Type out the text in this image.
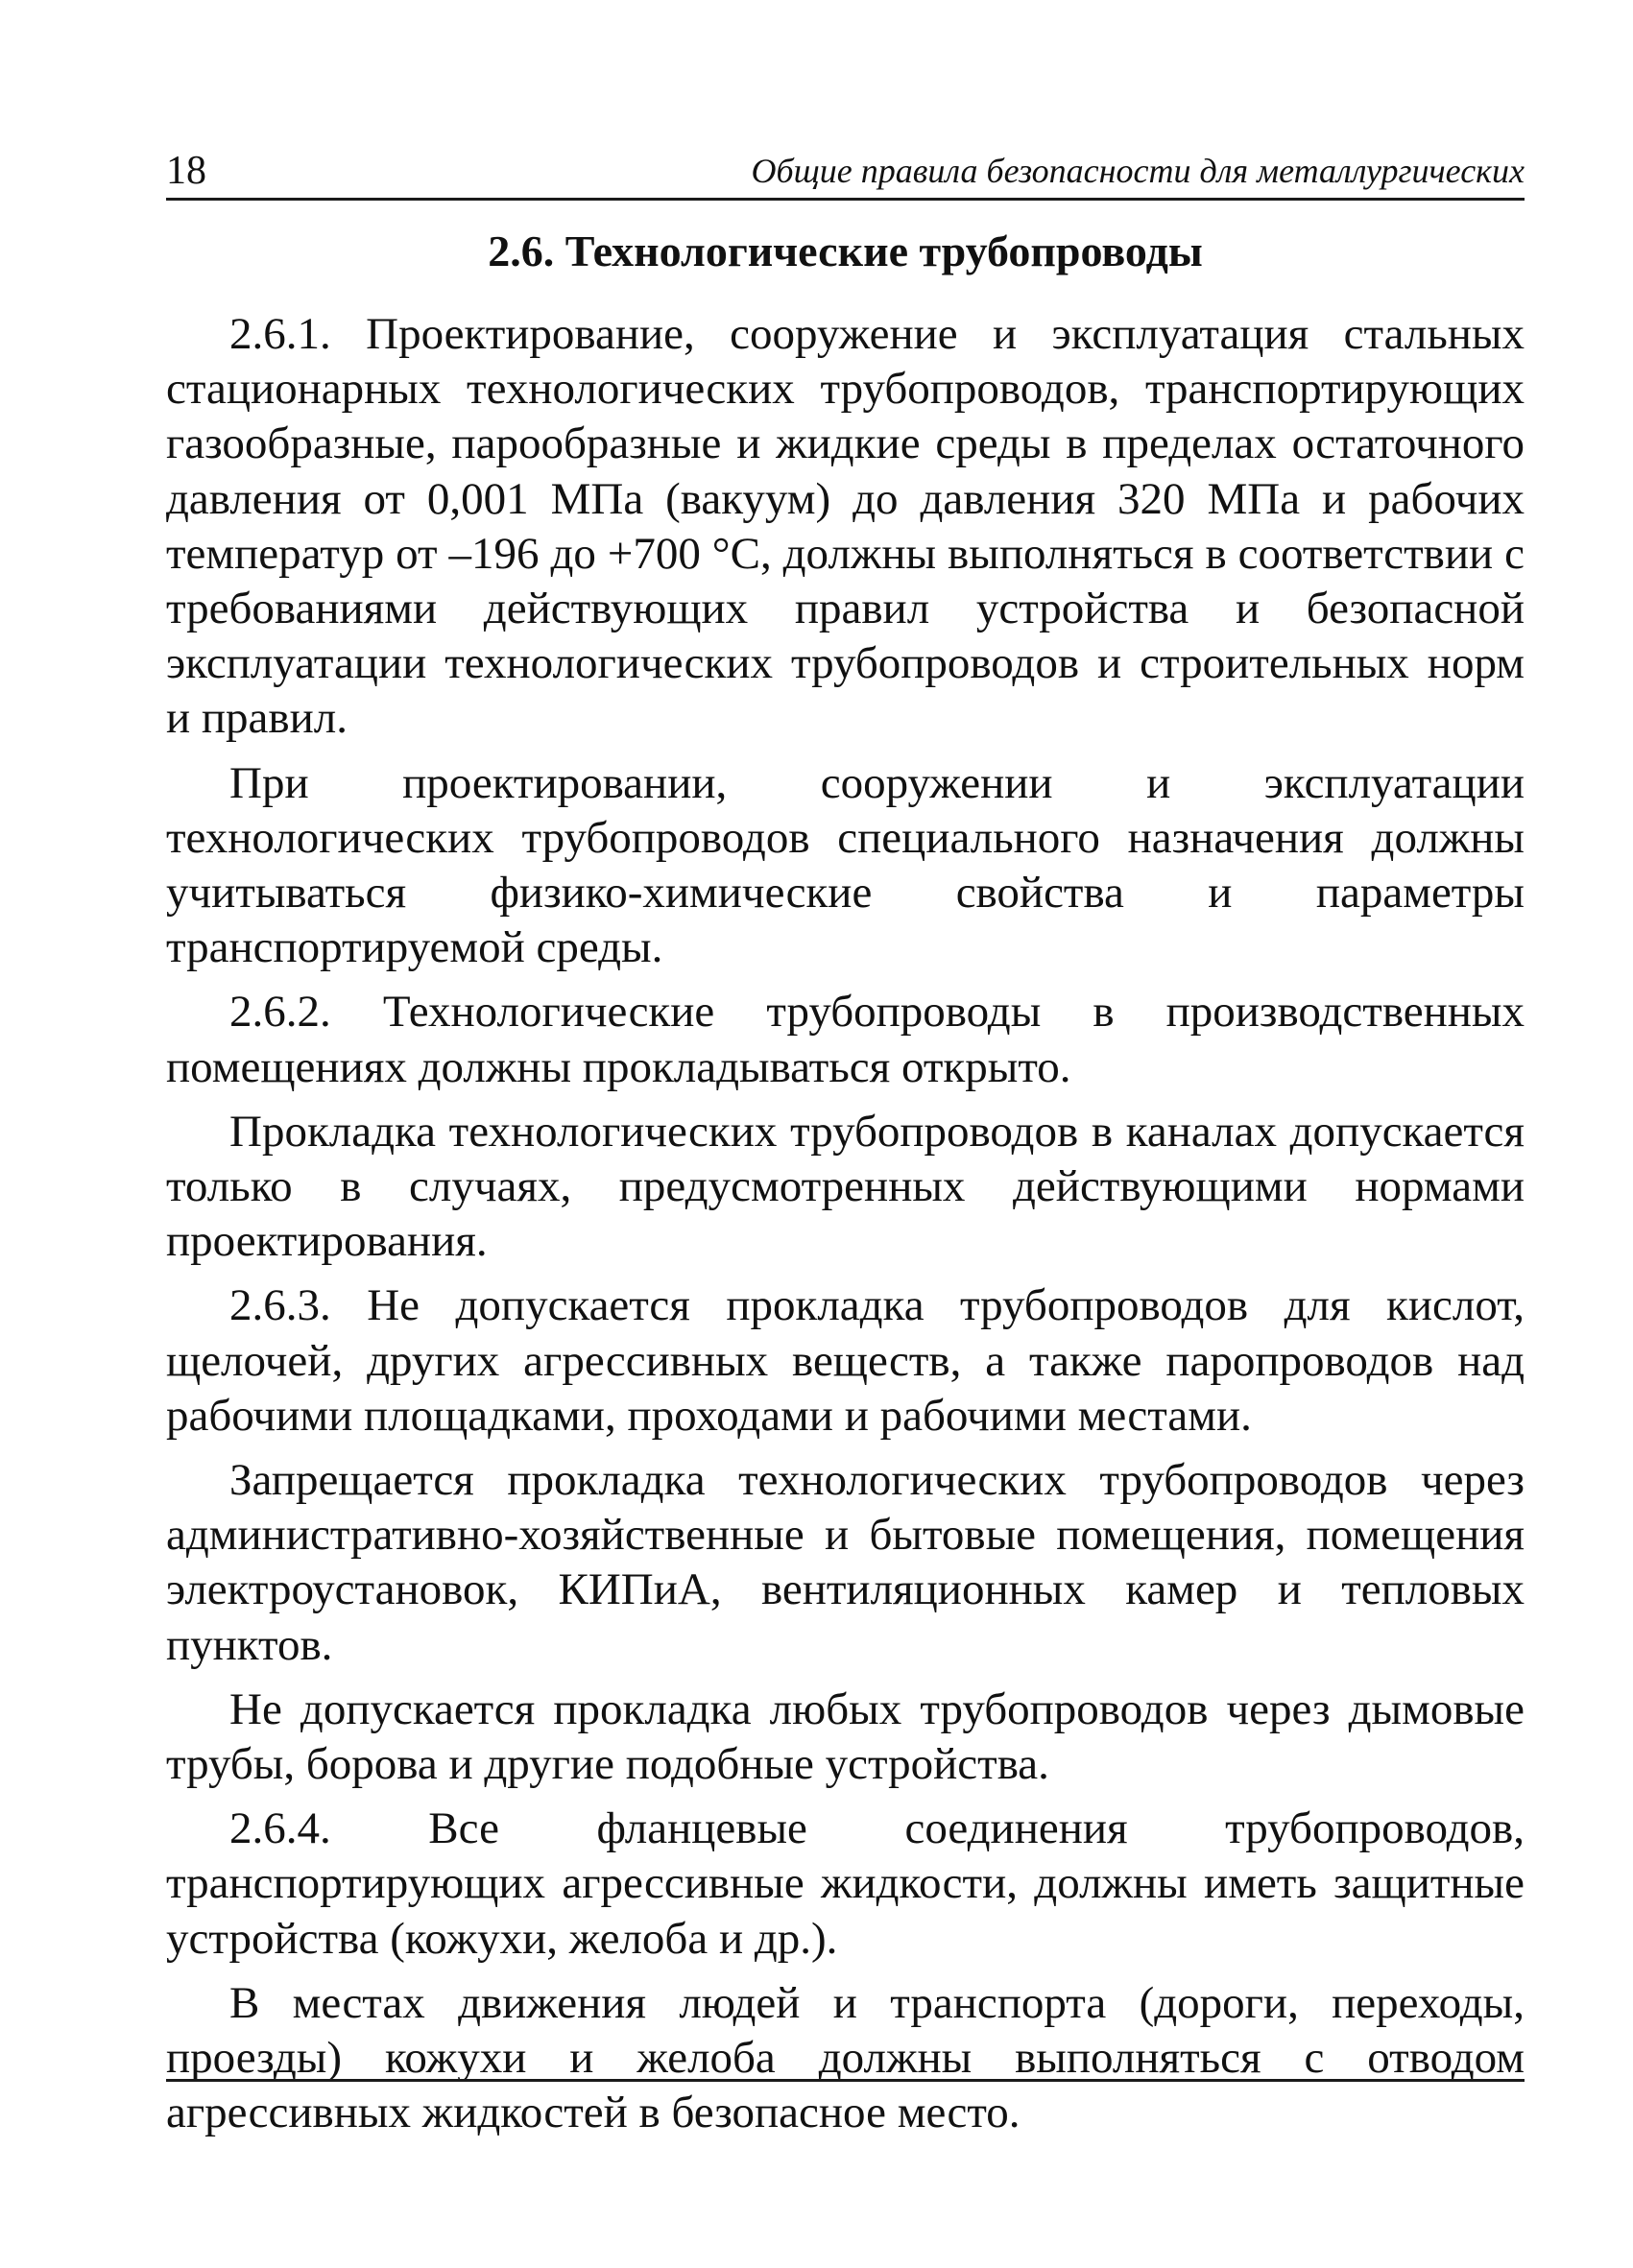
18	Общие правила безопасности для металлургических
2.6. Технологические трубопроводы

2.6.1. Проектирование, сооружение и эксплуатация стальных стационарных технологических трубопроводов, транспортирующих газообразные, парообразные и жидкие среды в пределах остаточного давления от 0,001 МПа (вакуум) до давления 320 МПа и рабочих температур от –196 до +700 °С, должны выполняться в соответствии с требованиями действующих правил устройства и безопасной эксплуатации технологических трубопроводов и строительных норм и правил.

При проектировании, сооружении и эксплуатации технологических трубопроводов специального назначения должны учитываться физико-химические свойства и параметры транспортируемой среды.

2.6.2. Технологические трубопроводы в производственных помещениях должны прокладываться открыто.

Прокладка технологических трубопроводов в каналах допускается только в случаях, предусмотренных действующими нормами проектирования.

2.6.3. Не допускается прокладка трубопроводов для кислот, щелочей, других агрессивных веществ, а также паропроводов над рабочими площадками, проходами и рабочими местами.

Запрещается прокладка технологических трубопроводов через административно-хозяйственные и бытовые помещения, помещения электроустановок, КИПиА, вентиляционных камер и тепловых пунктов.

Не допускается прокладка любых трубопроводов через дымовые трубы, борова и другие подобные устройства.

2.6.4. Все фланцевые соединения трубопроводов, транспортирующих агрессивные жидкости, должны иметь защитные устройства (кожухи, желоба и др.).

В местах движения людей и транспорта (дороги, переходы, проезды) кожухи и желоба должны выполняться с отводом агрессивных жидкостей в безопасное место.
